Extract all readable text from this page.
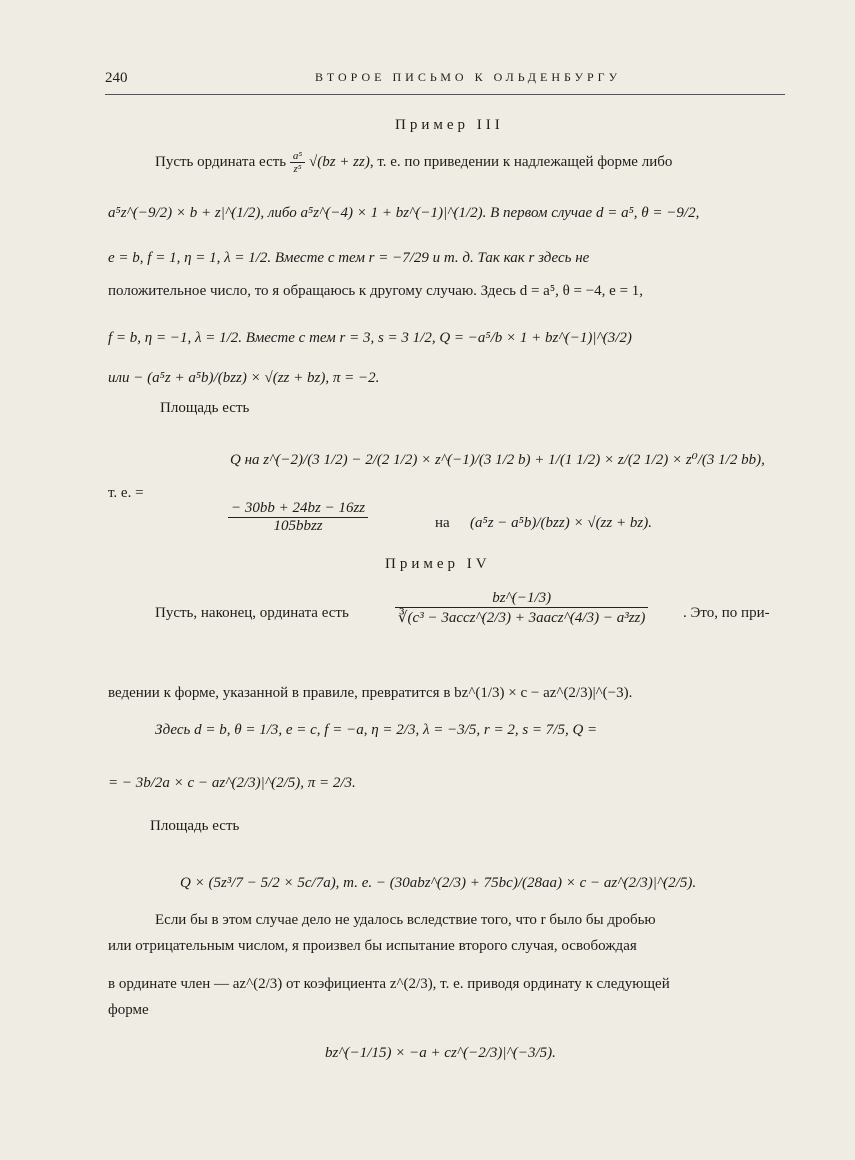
240	ВТОРОЕ ПИСЬМО К ОЛЬДЕНБУРГУ
Пример III
Пусть ордината есть $\frac{\text{a⁵}}{\text{z⁵}} √(bz + zz)$, т. е. по приведении к надлежащей форме либо
a⁵z^(−9/2) × b + z|^(1/2), либо a⁵z^(−4) × 1 + bz^(−1)|^(1/2). В первом случае d = a⁵, θ = −9/2,
e = b, f = 1, η = 1, λ = 1/2. Вместе с тем r = −7/29 и т. д. Так как r здесь не
положительное число, то я обращаюсь к другому случаю. Здесь d = a⁵, θ = −4, e = 1,
f = b, η = −1, λ = 1/2. Вместе с тем r = 3, s = 3 1/2, Q = −a⁵/b × 1 + bz^(−1)|^(3/2)
или − (a⁵z + a⁵b)/(bzz) × √(zz + bz), π = −2.
Площадь есть
Q на z^(−2)/(3 1/2) − 2/(2 1/2) × z^(−1)/(3 1/2 b) + 1/(1 1/2) × z/(2 1/2) × z⁰/(3 1/2 bb),
т. е. =
$\frac{- 30bb + 24bz - 16zz}{\text{105bbzz}}$	на (a⁵z − a⁵b)/(bzz) × √(zz + bz).
Пример IV
Пусть, наконец, ордината есть	$\frac{bz\^{}(-1/3)}{\text{∛(c³ − 3accz\textasciicircum{}(2/3) + 3aacz\textasciicircum{}(4/3) − a³zz)}}$ . Это, по при-
ведении к форме, указанной в правиле, превратится в bz^(1/3) × c − az^(2/3)|^(−3).
Здесь d = b, θ = 1/3, e = c, f = −a, η = 2/3, λ = −3/5, r = 2, s = 7/5, Q =
= − 3b/2a × c − az^(2/3)|^(2/5), π = 2/3.
Площадь есть
Q × (5z³/7 − 5/2 × 5c/7a), т. е. − (30abz^(2/3) + 75bc)/(28aa) × c − az^(2/3)|^(2/5).
Если бы в этом случае дело не удалось вследствие того, что r было бы дробью
или отрицательным числом, я произвел бы испытание второго случая, освобождая
в ординате член — az^(2/3) от коэфициента z^(2/3), т. е. приводя ординату к следующей
форме
bz^(−1/15) × −a + cz^(−2/3)|^(−3/5).
